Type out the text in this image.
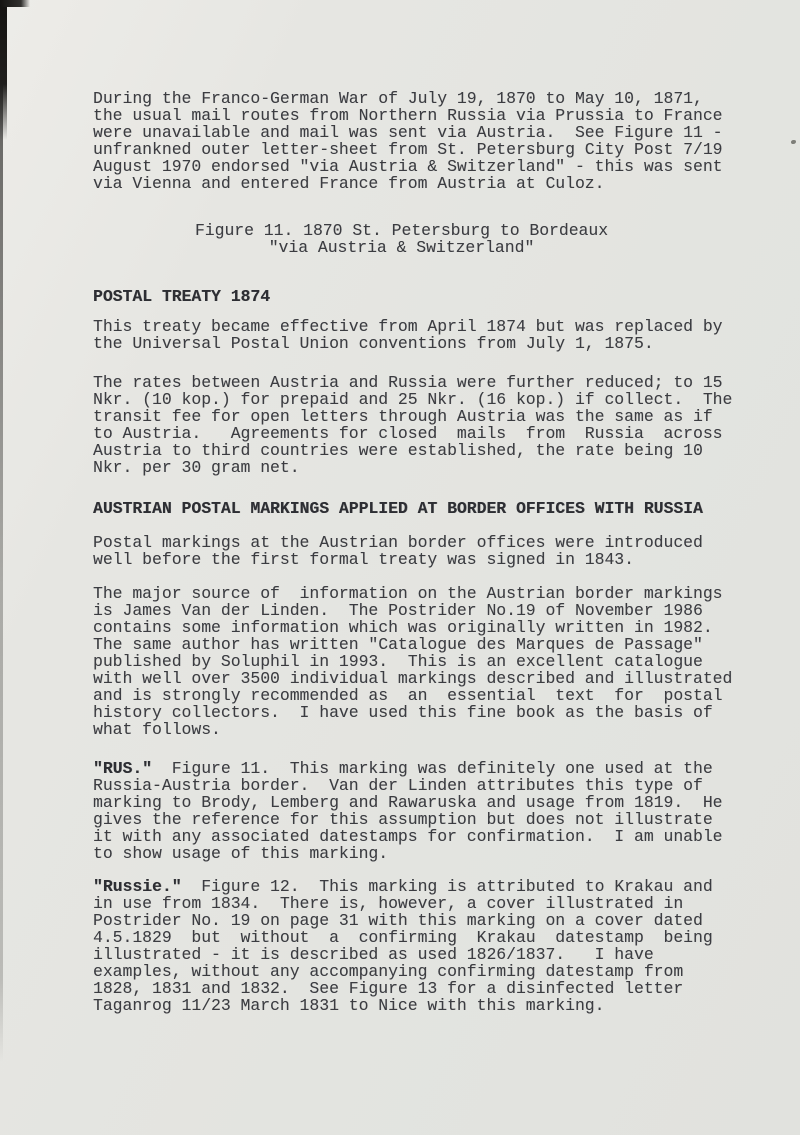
During the Franco-German War of July 19, 1870 to May 10, 1871,
the usual mail routes from Northern Russia via Prussia to France
were unavailable and mail was sent via Austria.  See Figure 11 -
unfrankned outer letter-sheet from St. Petersburg City Post 7/19
August 1970 endorsed "via Austria & Switzerland" - this was sent
via Vienna and entered France from Austria at Culoz.
Figure 11. 1870 St. Petersburg to Bordeaux
"via Austria & Switzerland"
POSTAL TREATY 1874
This treaty became effective from April 1874 but was replaced by
the Universal Postal Union conventions from July 1, 1875.
The rates between Austria and Russia were further reduced; to 15
Nkr. (10 kop.) for prepaid and 25 Nkr. (16 kop.) if collect.  The
transit fee for open letters through Austria was the same as if
to Austria.   Agreements for closed  mails  from  Russia  across
Austria to third countries were established, the rate being 10
Nkr. per 30 gram net.
AUSTRIAN POSTAL MARKINGS APPLIED AT BORDER OFFICES WITH RUSSIA
Postal markings at the Austrian border offices were introduced
well before the first formal treaty was signed in 1843.
The major source of  information on the Austrian border markings
is James Van der Linden.  The Postrider No.19 of November 1986
contains some information which was originally written in 1982.
The same author has written "Catalogue des Marques de Passage"
published by Soluphil in 1993.  This is an excellent catalogue
with well over 3500 individual markings described and illustrated
and is strongly recommended as  an  essential  text  for  postal
history collectors.  I have used this fine book as the basis of
what follows.
"RUS."  Figure 11.  This marking was definitely one used at the
Russia-Austria border.  Van der Linden attributes this type of
marking to Brody, Lemberg and Rawaruska and usage from 1819.  He
gives the reference for this assumption but does not illustrate
it with any associated datestamps for confirmation.  I am unable
to show usage of this marking.
"Russie."  Figure 12.  This marking is attributed to Krakau and
in use from 1834.  There is, however, a cover illustrated in
Postrider No. 19 on page 31 with this marking on a cover dated
4.5.1829  but  without  a  confirming  Krakau  datestamp  being
illustrated - it is described as used 1826/1837.   I have
examples, without any accompanying confirming datestamp from
1828, 1831 and 1832.  See Figure 13 for a disinfected letter
Taganrog 11/23 March 1831 to Nice with this marking.
